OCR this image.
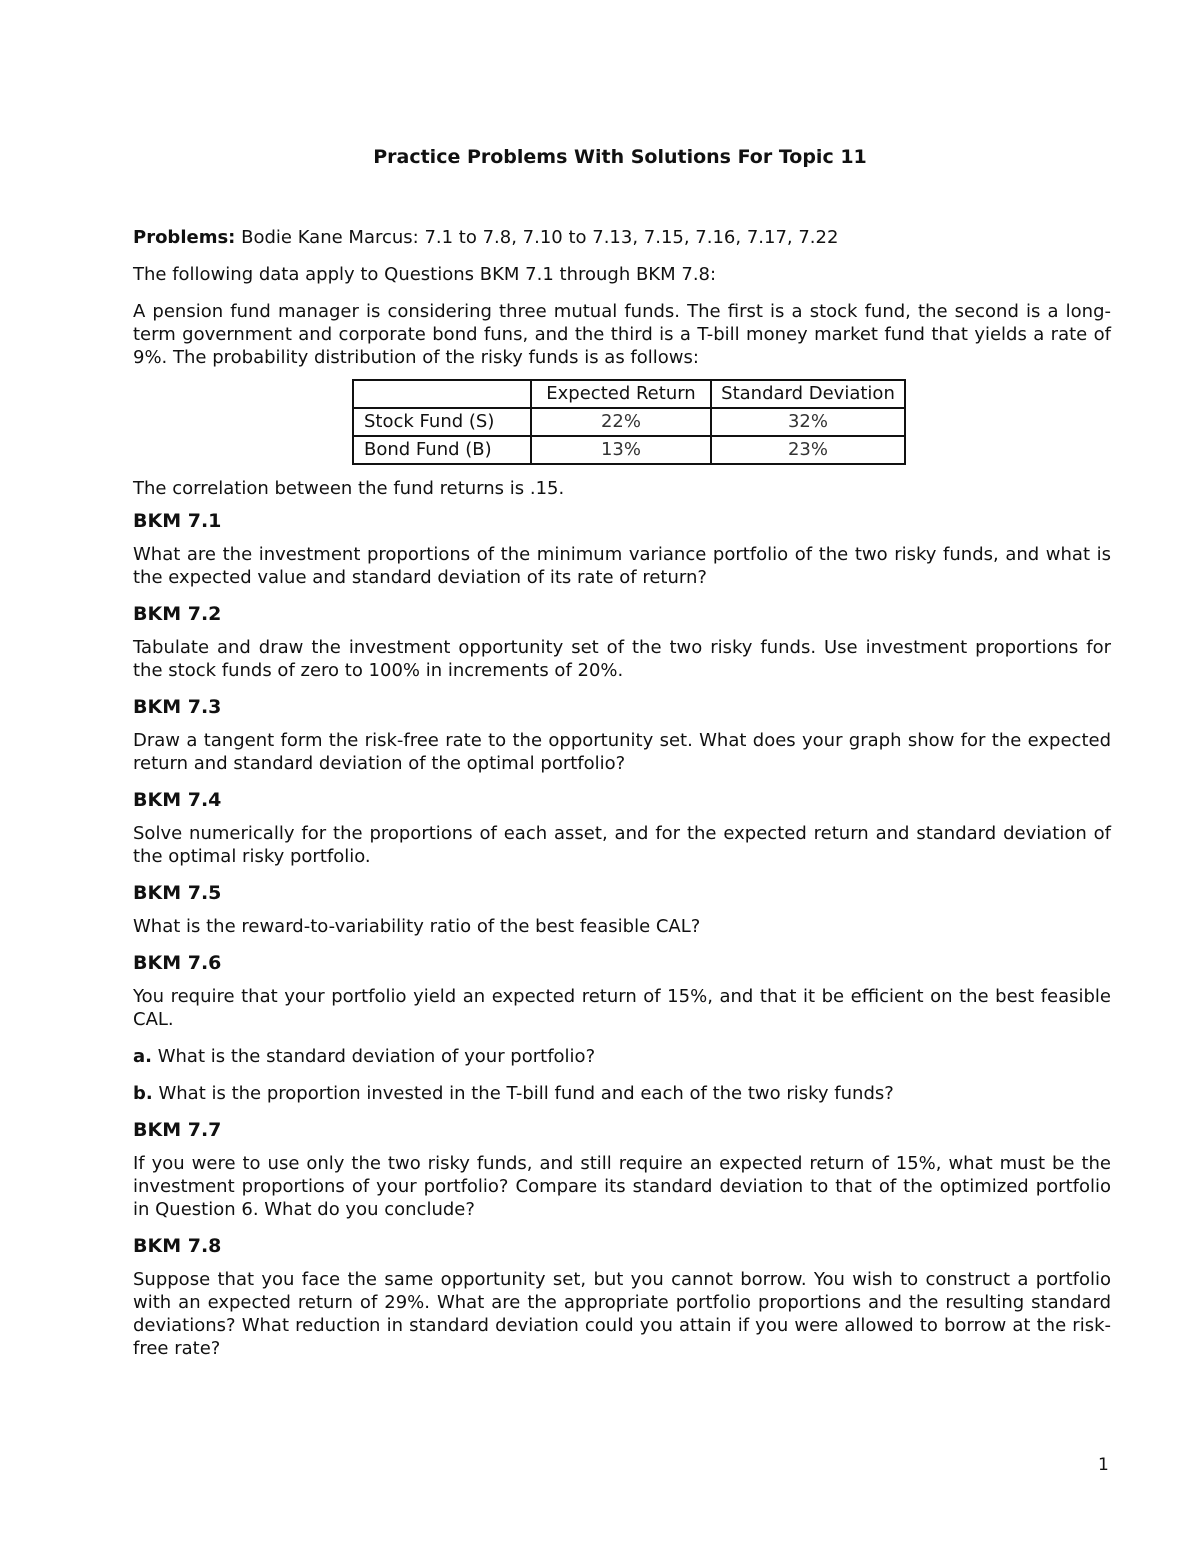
Practice Problems With Solutions For Topic 11

Problems: Bodie Kane Marcus: 7.1 to 7.8, 7.10 to 7.13, 7.15, 7.16, 7.17, 7.22

The following data apply to Questions BKM 7.1 through BKM 7.8:

A pension fund manager is considering three mutual funds. The first is a stock fund, the second is a long-term government and corporate bond funs, and the third is a T-bill money market fund that yields a rate of 9%. The probability distribution of the risky funds is as follows:

	Expected Return	Standard Deviation
Stock Fund (S)	22%	32%
Bond Fund (B)	13%	23%

The correlation between the fund returns is .15.

BKM 7.1

What are the investment proportions of the minimum variance portfolio of the two risky funds, and what is the expected value and standard deviation of its rate of return?

BKM 7.2

Tabulate and draw the investment opportunity set of the two risky funds. Use investment proportions for the stock funds of zero to 100% in increments of 20%.

BKM 7.3

Draw a tangent form the risk-free rate to the opportunity set. What does your graph show for the expected return and standard deviation of the optimal portfolio?

BKM 7.4

Solve numerically for the proportions of each asset, and for the expected return and standard deviation of the optimal risky portfolio.

BKM 7.5

What is the reward-to-variability ratio of the best feasible CAL?

BKM 7.6

You require that your portfolio yield an expected return of 15%, and that it be efficient on the best feasible CAL.

a. What is the standard deviation of your portfolio?

b. What is the proportion invested in the T-bill fund and each of the two risky funds?

BKM 7.7

If you were to use only the two risky funds, and still require an expected return of 15%, what must be the investment proportions of your portfolio? Compare its standard deviation to that of the optimized portfolio in Question 6. What do you conclude?

BKM 7.8

Suppose that you face the same opportunity set, but you cannot borrow. You wish to construct a portfolio with an expected return of 29%. What are the appropriate portfolio proportions and the resulting standard deviations? What reduction in standard deviation could you attain if you were allowed to borrow at the risk-free rate?

1
